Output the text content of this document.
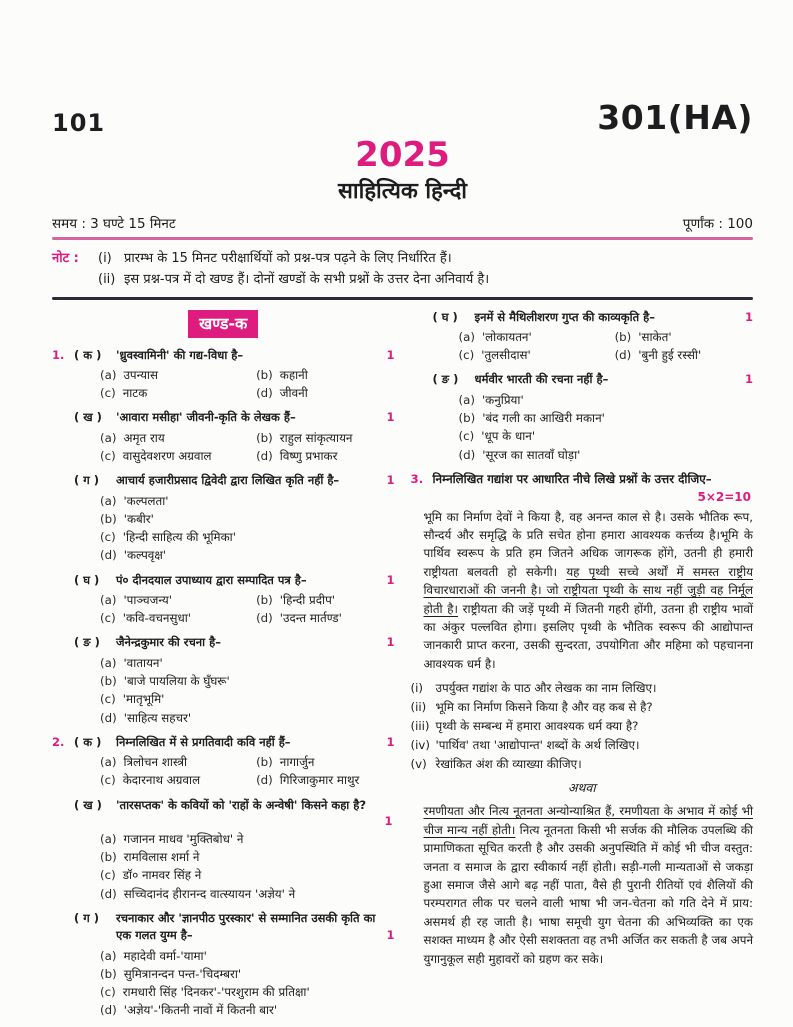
101	301(HA)
2025
साहित्यिक हिन्दी
समय : 3 घण्टे 15 मिनट	पूर्णांक : 100
नोट :	(i) प्रारम्भ के 15 मिनट परीक्षार्थियों को प्रश्न-पत्र पढ़ने के लिए निर्धारित हैं।
(ii) इस प्रश्न-पत्र में दो खण्ड हैं। दोनों खण्डों के सभी प्रश्नों के उत्तर देना अनिवार्य है।
खण्ड-क
1. ( क )	'ध्रुवस्वामिनी' की गद्य-विधा है–	1
(a) उपन्यास	(b) कहानी
(c) नाटक	(d) जीवनी
( ख )	'आवारा मसीहा' जीवनी-कृति के लेखक हैं–	1
(a) अमृत राय	(b) राहुल सांकृत्यायन
(c) वासुदेवशरण अग्रवाल	(d) विष्णु प्रभाकर
( ग )	आचार्य हजारीप्रसाद द्विवेदी द्वारा लिखित कृति नहीं है–	1
(a) 'कल्पलता'
(b) 'कबीर'
(c) 'हिन्दी साहित्य की भूमिका'
(d) 'कल्पवृक्ष'
( घ )	पं० दीनदयाल उपाध्याय द्वारा सम्पादित पत्र है–	1
(a) 'पाञ्चजन्य'	(b) 'हिन्दी प्रदीप'
(c) 'कवि-वचनसुधा'	(d) 'उदन्त मार्तण्ड'
( ङ )	जैनेन्द्रकुमार की रचना है–	1
(a) 'वातायन'
(b) 'बाजे पायलिया के घुँघरू'
(c) 'मातृभूमि'
(d) 'साहित्य सहचर'
2. ( क )	निम्नलिखित में से प्रगतिवादी कवि नहीं हैं–	1
(a) त्रिलोचन शास्त्री	(b) नागार्जुन
(c) केदारनाथ अग्रवाल	(d) गिरिजाकुमार माथुर
( ख )	'तारसप्तक' के कवियों को 'राहों के अन्वेषी' किसने कहा है?
1
(a) गजानन माधव 'मुक्तिबोध' ने
(b) रामविलास शर्मा ने
(c) डॉ० नामवर सिंह ने
(d) सच्चिदानंद हीरानन्द वात्स्यायन 'अज्ञेय' ने
( ग )	रचनाकार और 'ज्ञानपीठ पुरस्कार' से सम्मानित उसकी कृति का एक गलत युग्म है–	1
(a) महादेवी वर्मा-'यामा'
(b) सुमित्रानन्दन पन्त-'चिदम्बरा'
(c) रामधारी सिंह 'दिनकर'-'परशुराम की प्रतिक्षा'
(d) 'अज्ञेय'-'कितनी नावों में कितनी बार'
( घ )	इनमें से मैथिलीशरण गुप्त की काव्यकृति है–	1
(a) 'लोकायतन'	(b) 'साकेत'
(c) 'तुलसीदास'	(d) 'बुनी हुई रस्सी'
( ङ )	धर्मवीर भारती की रचना नहीं है–	1
(a) 'कनुप्रिया'
(b) 'बंद गली का आखिरी मकान'
(c) 'धूप के धान'
(d) 'सूरज का सातवाँ घोड़ा'
3. निम्नलिखित गद्यांश पर आधारित नीचे लिखे प्रश्नों के उत्तर दीजिए–
5×2=10

भूमि का निर्माण देवों ने किया है, वह अनन्त काल से है। उसके भौतिक रूप, सौन्दर्य और समृद्धि के प्रति सचेत होना हमारा आवश्यक कर्त्तव्य है।भूमि के पार्थिव स्वरूप के प्रति हम जितने अधिक जागरूक होंगे, उतनी ही हमारी राष्ट्रीयता बलवती हो सकेगी। यह पृथ्वी सच्चे अर्थों में समस्त राष्ट्रीय विचारधाराओं की जननी है। जो राष्ट्रीयता पृथ्वी के साथ नहीं जुड़ी वह निर्मूल होती है। राष्ट्रीयता की जड़ें पृथ्वी में जितनी गहरी होंगी, उतना ही राष्ट्रीय भावों का अंकुर पल्लवित होगा। इसलिए पृथ्वी के भौतिक स्वरूप की आद्योपान्त जानकारी प्राप्त करना, उसकी सुन्दरता, उपयोगिता और महिमा को पहचानना आवश्यक धर्म है।

(i)	उपर्युक्त गद्यांश के पाठ और लेखक का नाम लिखिए।
(ii) भूमि का निर्माण किसने किया है और वह कब से है?
(iii) पृथ्वी के सम्बन्ध में हमारा आवश्यक धर्म क्या है?
(iv) 'पार्थिव' तथा 'आद्योपान्त' शब्दों के अर्थ लिखिए।
(v) रेखांकित अंश की व्याख्या कीजिए।
अथवा

रमणीयता और नित्य नूतनता अन्योन्याश्रित हैं, रमणीयता के अभाव में कोई भी चीज मान्य नहीं होती। नित्य नूतनता किसी भी सर्जक की मौलिक उपलब्धि की प्रामाणिकता सूचित करती है और उसकी अनुपस्थिति में कोई भी चीज वस्तुत: जनता व समाज के द्वारा स्वीकार्य नहीं होती। सड़ी-गली मान्यताओं से जकड़ा हुआ समाज जैसे आगे बढ़ नहीं पाता, वैसे ही पुरानी रीतियों एवं शैलियों की परम्परागत लीक पर चलने वाली भाषा भी जन-चेतना को गति देने में प्राय: असमर्थ ही रह जाती है। भाषा समूची युग चेतना की अभिव्यक्ति का एक सशक्त माध्यम है और ऐसी सशक्तता वह तभी अर्जित कर सकती है जब अपने युगानुकूल सही मुहावरों को ग्रहण कर सके।
